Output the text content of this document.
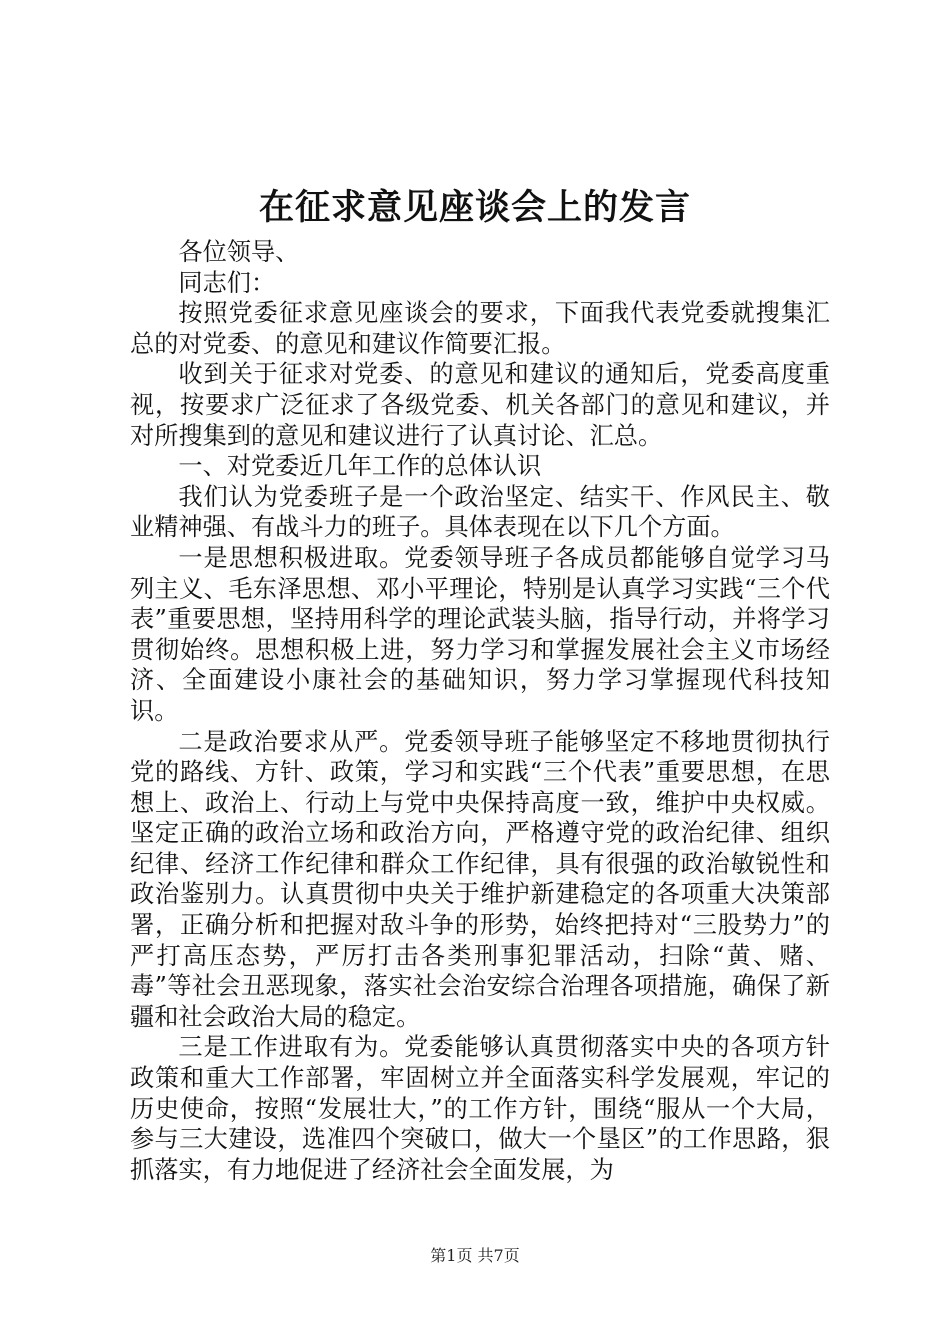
在征求意见座谈会上的发言

各位领导、

同志们：

按照党委征求意见座谈会的要求，下面我代表党委就搜集汇总的对党委、的意见和建议作简要汇报。

收到关于征求对党委、的意见和建议的通知后，党委高度重视，按要求广泛征求了各级党委、机关各部门的意见和建议，并对所搜集到的意见和建议进行了认真讨论、汇总。

一、对党委近几年工作的总体认识

我们认为党委班子是一个政治坚定、结实干、作风民主、敬业精神强、有战斗力的班子。具体表现在以下几个方面。

一是思想积极进取。党委领导班子各成员都能够自觉学习马列主义、毛东泽思想、邓小平理论，特别是认真学习实践“三个代表”重要思想，坚持用科学的理论武装头脑，指导行动，并将学习贯彻始终。思想积极上进，努力学习和掌握发展社会主义市场经济、全面建设小康社会的基础知识，努力学习掌握现代科技知识。

二是政治要求从严。党委领导班子能够坚定不移地贯彻执行党的路线、方针、政策，学习和实践“三个代表”重要思想，在思想上、政治上、行动上与党中央保持高度一致，维护中央权威。坚定正确的政治立场和政治方向，严格遵守党的政治纪律、组织纪律、经济工作纪律和群众工作纪律，具有很强的政治敏锐性和政治鉴别力。认真贯彻中央关于维护新建稳定的各项重大决策部署，正确分析和把握对敌斗争的形势，始终把持对“三股势力”的严打高压态势，严厉打击各类刑事犯罪活动，扫除“黄、赌、毒”等社会丑恶现象，落实社会治安综合治理各项措施，确保了新疆和社会政治大局的稳定。

三是工作进取有为。党委能够认真贯彻落实中央的各项方针政策和重大工作部署，牢固树立并全面落实科学发展观，牢记的历史使命，按照“发展壮大，”的工作方针，围绕“服从一个大局，参与三大建设，选准四个突破口，做大一个垦区”的工作思路，狠抓落实，有力地促进了经济社会全面发展，为

第1页 共7页
